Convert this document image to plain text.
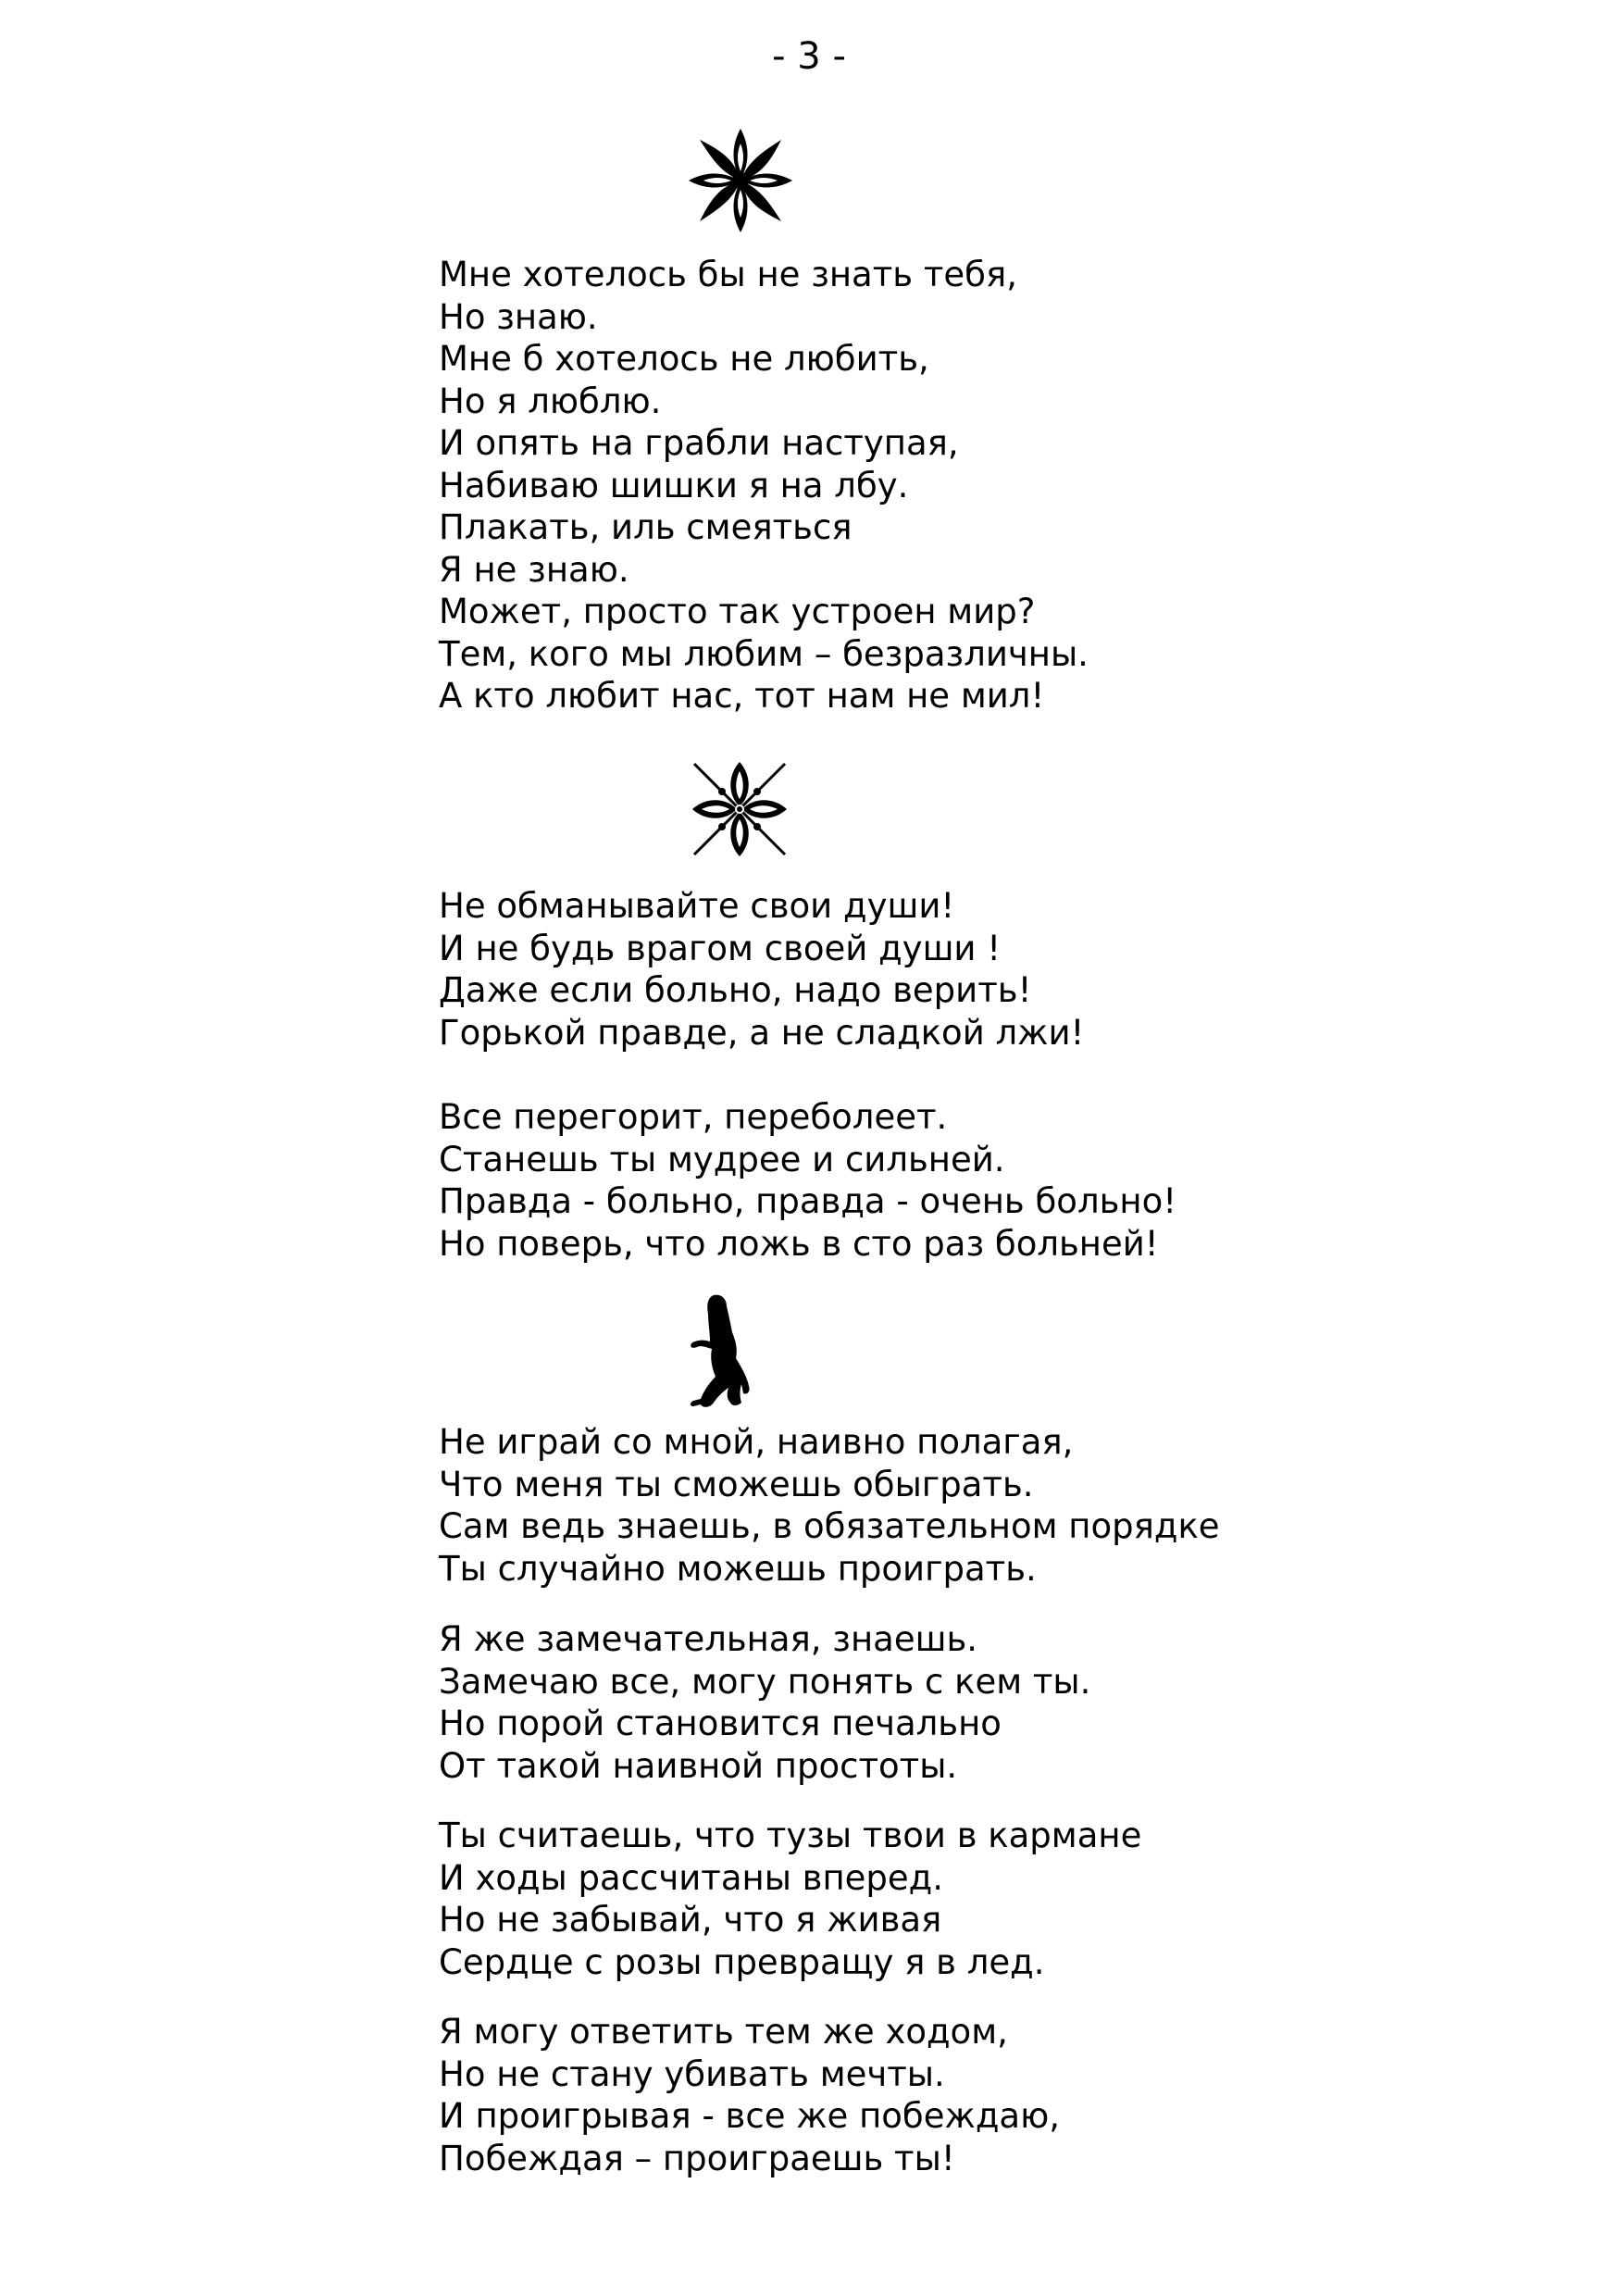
- 3 -
Мне хотелось бы не знать тебя,
Но знаю.
Мне б хотелось не любить,
Но я люблю.
И опять на грабли наступая,
Набиваю шишки я на лбу.
Плакать, иль смеяться
Я не знаю.
Может, просто так устроен мир?
Тем, кого мы любим – безразличны.
А кто любит нас, тот нам не мил!
Не обманывайте свои души!
И не будь врагом своей души !
Даже если больно, надо верить!
Горькой правде, а не сладкой лжи!
Все перегорит, переболеет.
Станешь ты мудрее и сильней.
Правда - больно, правда - очень больно!
Но поверь, что ложь в сто раз больней!
Не играй со мной, наивно полагая,
Что меня ты сможешь обыграть.
Сам ведь знаешь, в обязательном порядке
Ты случайно можешь проиграть.
Я же замечательная, знаешь.
Замечаю все, могу понять с кем ты.
Но порой становится печально
От такой наивной простоты.
Ты считаешь, что тузы твои в кармане
И ходы рассчитаны вперед.
Но не забывай, что я живая
Сердце с розы превращу я в лед.
Я могу ответить тем же ходом,
Но не стану убивать мечты.
И проигрывая - все же побеждаю,
Побеждая – проиграешь ты!
